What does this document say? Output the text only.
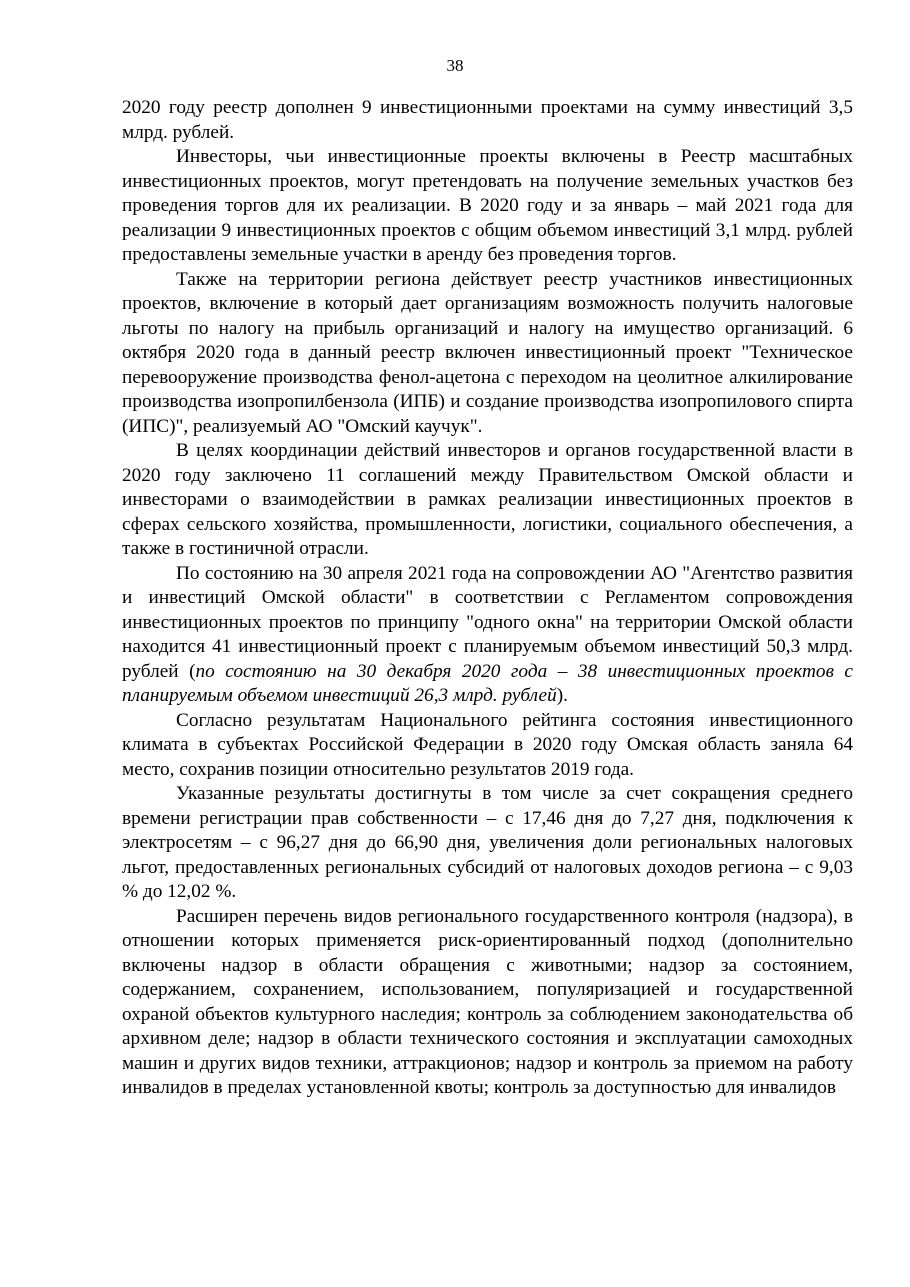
38

2020 году реестр дополнен 9 инвестиционными проектами на сумму инвестиций 3,5 млрд. рублей.

Инвесторы, чьи инвестиционные проекты включены в Реестр масштабных инвестиционных проектов, могут претендовать на получение земельных участков без проведения торгов для их реализации. В 2020 году и за январь – май 2021 года для реализации 9 инвестиционных проектов с общим объемом инвестиций 3,1 млрд. рублей предоставлены земельные участки в аренду без проведения торгов.

Также на территории региона действует реестр участников инвестиционных проектов, включение в который дает организациям возможность получить налоговые льготы по налогу на прибыль организаций и налогу на имущество организаций. 6 октября 2020 года в данный реестр включен инвестиционный проект "Техническое перевооружение производства фенол-ацетона с переходом на цеолитное алкилирование производства изопропилбензола (ИПБ) и создание производства изопропилового спирта (ИПС)", реализуемый АО "Омский каучук".

В целях координации действий инвесторов и органов государственной власти в 2020 году заключено 11 соглашений между Правительством Омской области и инвесторами о взаимодействии в рамках реализации инвестиционных проектов в сферах сельского хозяйства, промышленности, логистики, социального обеспечения, а также в гостиничной отрасли.

По состоянию на 30 апреля 2021 года на сопровождении АО "Агентство развития и инвестиций Омской области" в соответствии с Регламентом сопровождения инвестиционных проектов по принципу "одного окна" на территории Омской области находится 41 инвестиционный проект с планируемым объемом инвестиций 50,3 млрд. рублей (по состоянию на 30 декабря 2020 года – 38 инвестиционных проектов с планируемым объемом инвестиций 26,3 млрд. рублей).

Согласно результатам Национального рейтинга состояния инвестиционного климата в субъектах Российской Федерации в 2020 году Омская область заняла 64 место, сохранив позиции относительно результатов 2019 года.

Указанные результаты достигнуты в том числе за счет сокращения среднего времени регистрации прав собственности – с 17,46 дня до 7,27 дня, подключения к электросетям – с 96,27 дня до 66,90 дня, увеличения доли региональных налоговых льгот, предоставленных региональных субсидий от налоговых доходов региона – с 9,03 % до 12,02 %.

Расширен перечень видов регионального государственного контроля (надзора), в отношении которых применяется риск-ориентированный подход (дополнительно включены надзор в области обращения с животными; надзор за состоянием, содержанием, сохранением, использованием, популяризацией и государственной охраной объектов культурного наследия; контроль за соблюдением законодательства об архивном деле; надзор в области технического состояния и эксплуатации самоходных машин и других видов техники, аттракционов; надзор и контроль за приемом на работу инвалидов в пределах установленной квоты; контроль за доступностью для инвалидов
